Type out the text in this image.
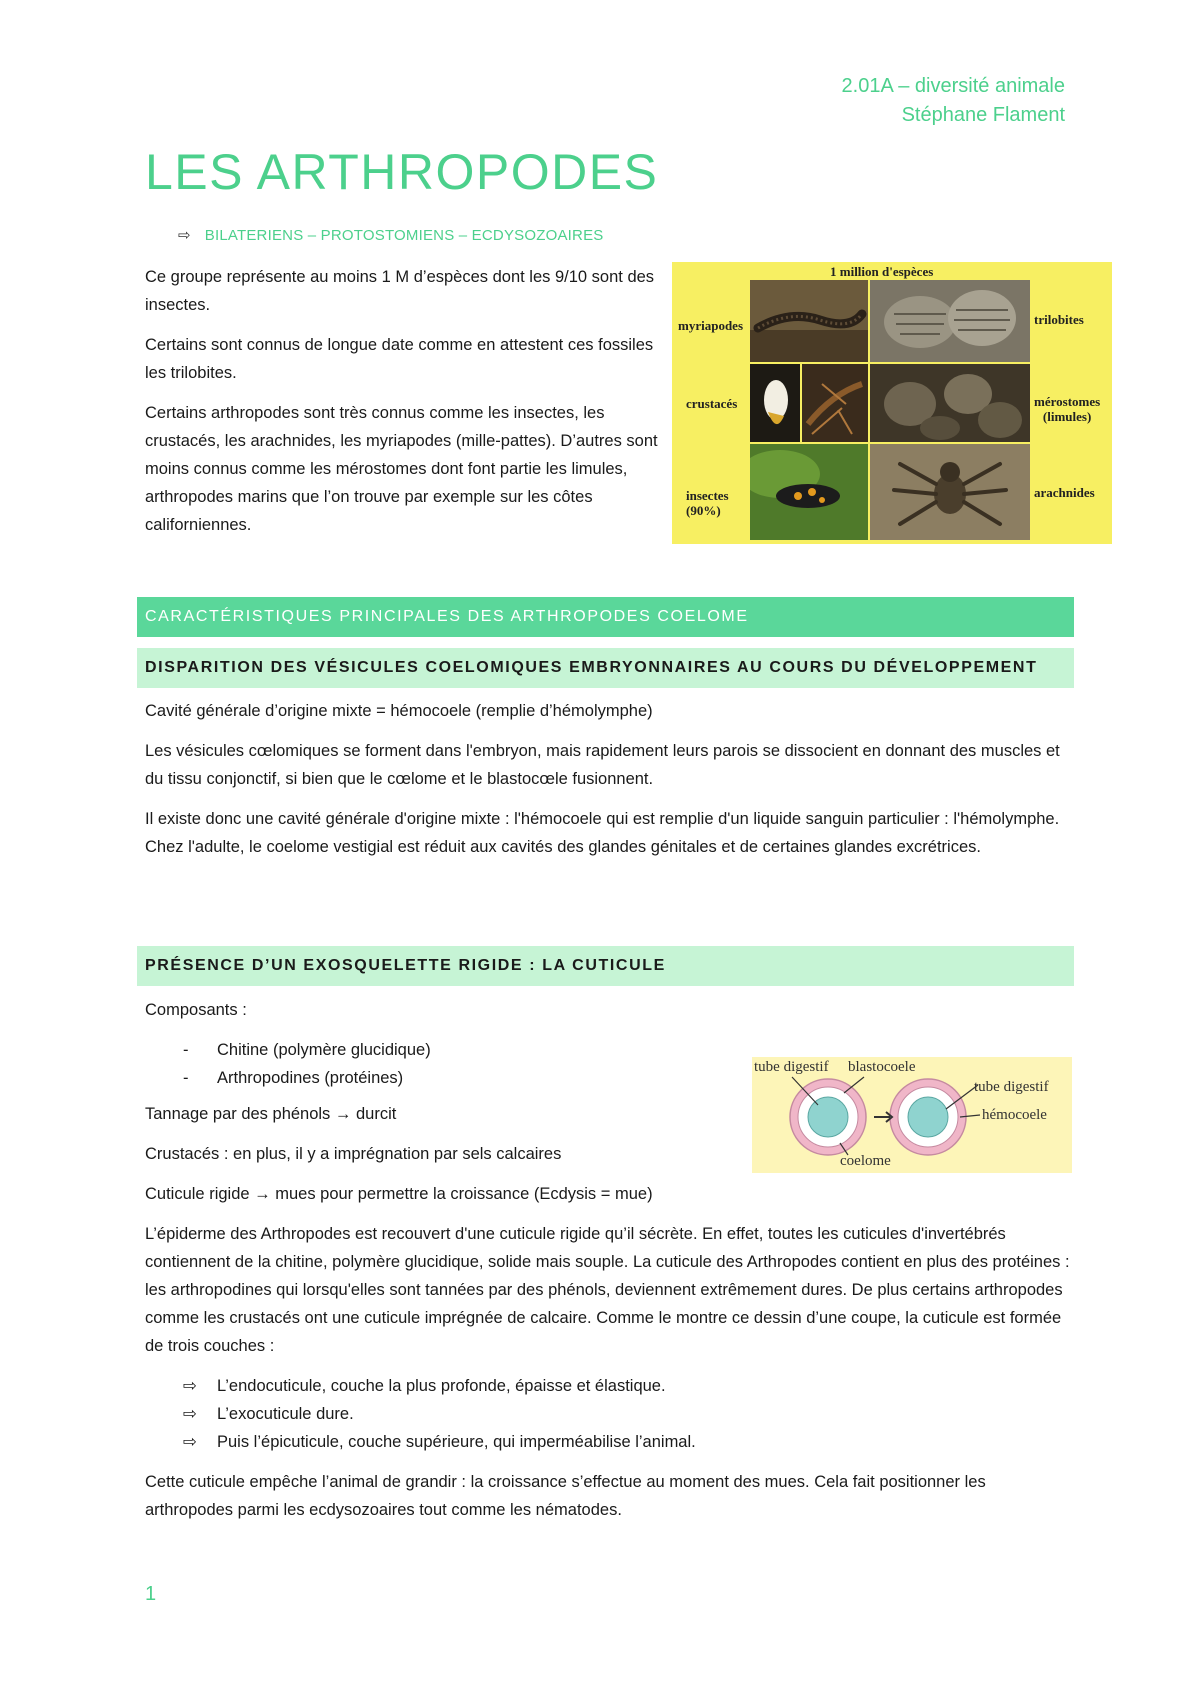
2.01A – diversité animale
Stéphane Flament
LES ARTHROPODES
⇨ BILATERIENS – PROTOSTOMIENS – ECDYSOZOAIRES

Ce groupe représente au moins 1 M d’espèces dont les 9/10 sont des insectes.

Certains sont connus de longue date comme en attestent ces fossiles les trilobites.

Certains arthropodes sont très connus comme les insectes, les crustacés, les arachnides, les myriapodes (mille-pattes). D’autres sont moins connus comme les mérostomes dont font partie les limules, arthropodes marins que l’on trouve par exemple sur les côtes californiennes.

1 million d'espèces
myriapodes
crustacés
insectes
(90%)
trilobites
mérostomes
(limules)
arachnides
CARACTÉRISTIQUES PRINCIPALES DES ARTHROPODES COELOME
DISPARITION DES VÉSICULES COELOMIQUES EMBRYONNAIRES AU COURS DU DÉVELOPPEMENT

Cavité générale d’origine mixte = hémocoele (remplie d’hémolymphe)

Les vésicules cœlomiques se forment dans l'embryon, mais rapidement leurs parois se dissocient en donnant des muscles et du tissu conjonctif, si bien que le cœlome et le blastocœle fusionnent.

Il existe donc une cavité générale d'origine mixte : l'hémocoele qui est remplie d'un liquide sanguin particulier : l'hémolymphe. Chez l'adulte, le coelome vestigial est réduit aux cavités des glandes génitales et de certaines glandes excrétrices.

PRÉSENCE D’UN EXOSQUELETTE RIGIDE : LA CUTICULE

Composants :

- Chitine (polymère glucidique)
- Arthropodines (protéines)

Tannage par des phénols → durcit

Crustacés : en plus, il y a imprégnation par sels calcaires

Cuticule rigide → mues pour permettre la croissance (Ecdysis = mue)

L’épiderme des Arthropodes est recouvert d'une cuticule rigide qu’il sécrète. En effet, toutes les cuticules d'invertébrés contiennent de la chitine, polymère glucidique, solide mais souple. La cuticule des Arthropodes contient en plus des protéines : les arthropodines qui lorsqu'elles sont tannées par des phénols, deviennent extrêmement dures. De plus certains arthropodes comme les crustacés ont une cuticule imprégnée de calcaire. Comme le montre ce dessin d’une coupe, la cuticule est formée de trois couches :

⇨ L’endocuticule, couche la plus profonde, épaisse et élastique.
⇨ L’exocuticule dure.
⇨ Puis l’épicuticule, couche supérieure, qui imperméabilise l’animal.

Cette cuticule empêche l’animal de grandir : la croissance s’effectue au moment des mues. Cela fait positionner les arthropodes parmi les ecdysozoaires tout comme les nématodes.

tube digestif blastocoele
tube digestif
hémocoele
coelome
1
